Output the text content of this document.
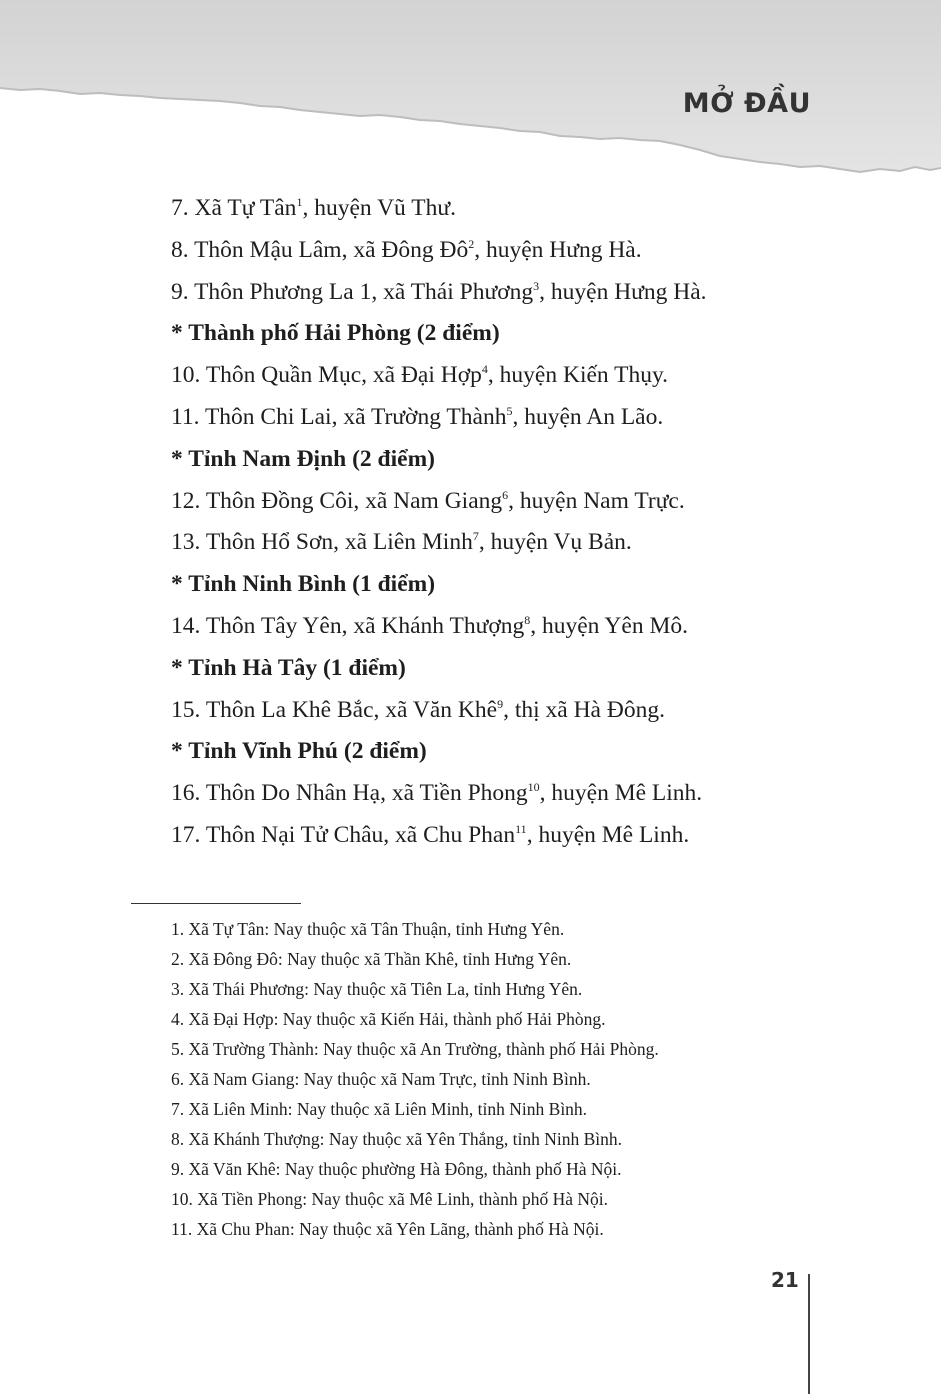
MỞ ĐẦU

7. Xã Tự Tân$^1$, huyện Vũ Thư.

8. Thôn Mậu Lâm, xã Đông $Đô^2$, huyện Hưng Hà.

9. Thôn Phương La 1, xã Thái Phương$^3$, huyện Hưng Hà.

* Thành phố Hải Phòng (2 điểm)

10. Thôn Quần Mục, xã Đại Hợp$^4$, huyện Kiến Thụy.

11. Thôn Chi Lai, xã Trường Thành$^5$, huyện An Lão.

* Tỉnh Nam Định (2 điểm)

12. Thôn Đồng Côi, xã Nam Giang$^6$, huyện Nam Trực.

13. Thôn Hổ Sơn, xã Liên Minh$^7$, huyện Vụ Bản.

* Tỉnh Ninh Bình (1 điểm)

14. Thôn Tây Yên, xã Khánh Thượng$^8$, huyện Yên Mô.

* Tỉnh Hà Tây (1 điểm)

15. Thôn La Khê Bắc, xã Văn Khê$^9$, thị xã Hà Đông.

* Tỉnh Vĩnh Phú (2 điểm)

16. Thôn Do Nhân Hạ, xã Tiền Phong$^{10}$, huyện Mê Linh.

17. Thôn Nại Tử Châu, xã Chu Phan$^{11}$, huyện Mê Linh.

1. Xã Tự Tân: Nay thuộc xã Tân Thuận, tỉnh Hưng Yên.

2. Xã Đông Đô: Nay thuộc xã Thần Khê, tỉnh Hưng Yên.

3. Xã Thái Phương: Nay thuộc xã Tiên La, tỉnh Hưng Yên.

4. Xã Đại Hợp: Nay thuộc xã Kiến Hải, thành phố Hải Phòng.

5. Xã Trường Thành: Nay thuộc xã An Trường, thành phố Hải Phòng.

6. Xã Nam Giang: Nay thuộc xã Nam Trực, tỉnh Ninh Bình.

7. Xã Liên Minh: Nay thuộc xã Liên Minh, tỉnh Ninh Bình.

8. Xã Khánh Thượng: Nay thuộc xã Yên Thắng, tỉnh Ninh Bình.

9. Xã Văn Khê: Nay thuộc phường Hà Đông, thành phố Hà Nội.

10. Xã Tiền Phong: Nay thuộc xã Mê Linh, thành phố Hà Nội.

11. Xã Chu Phan: Nay thuộc xã Yên Lãng, thành phố Hà Nội.

21
